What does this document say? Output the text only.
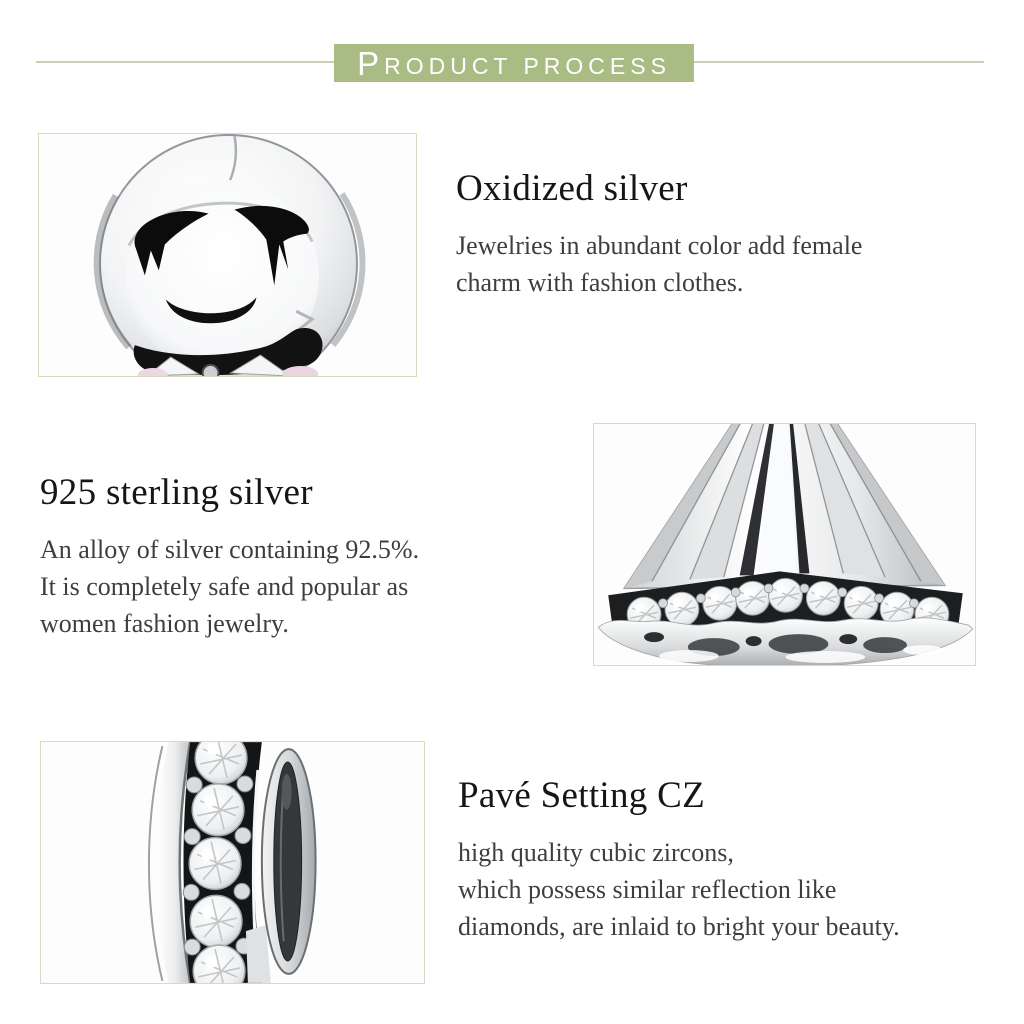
P RODUCT PROCESS
Oxidized silver
Jewelries in abundant color add female
charm with fashion clothes.
925 sterling silver
An alloy of silver containing 92.5%.
It is completely safe and popular as
women fashion jewelry.
Pavé Setting CZ
high quality cubic zircons,
which possess similar reflection like
diamonds, are inlaid to bright your beauty.
